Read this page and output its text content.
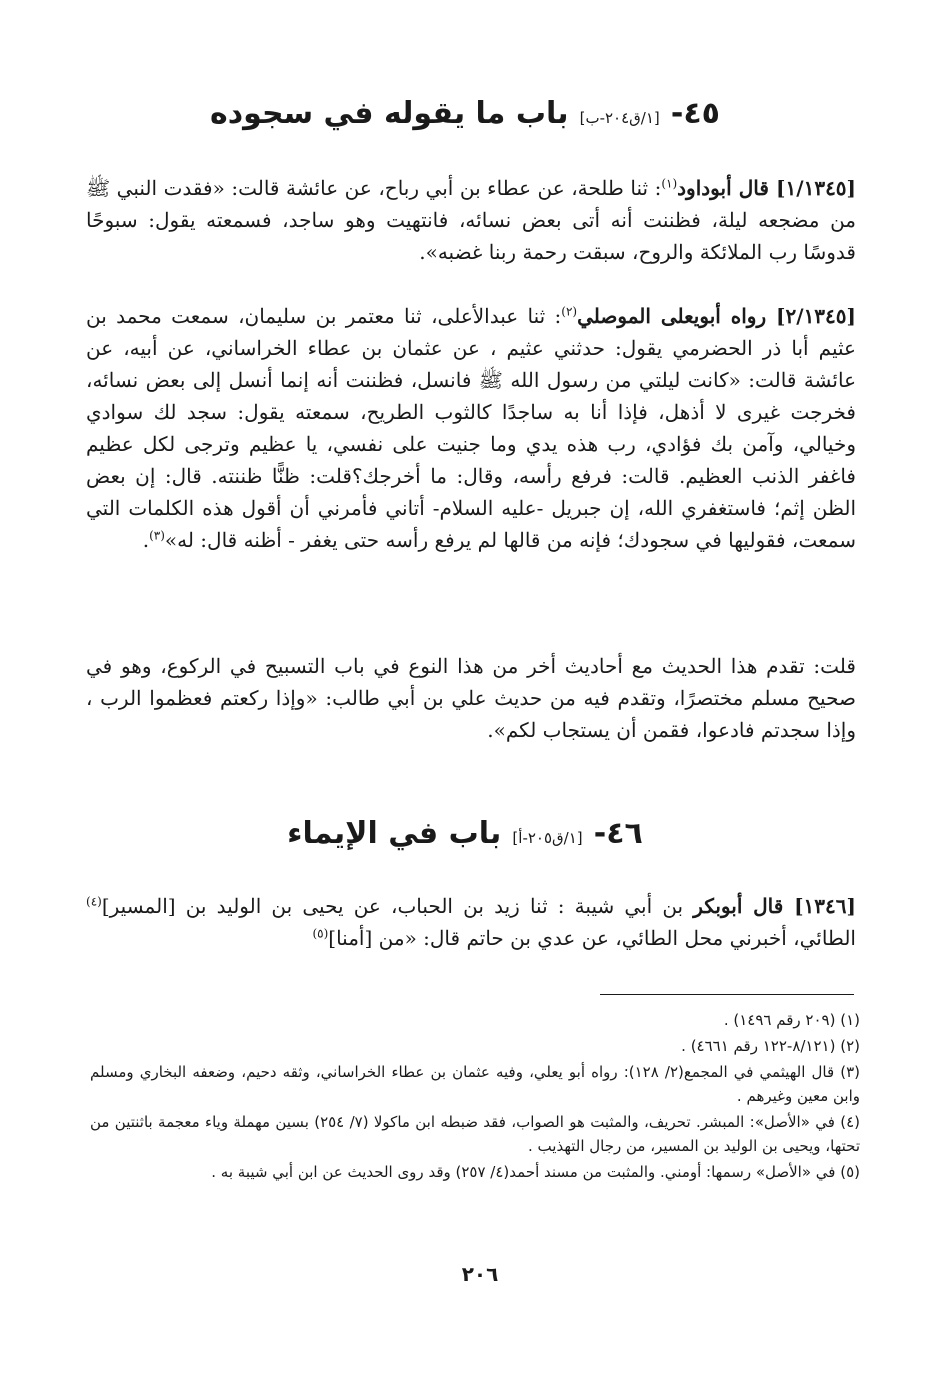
٤٥- [١/ق٢٠٤-ب] باب ما يقوله في سجوده

[١/١٣٤٥] قال أبوداود$^{(١)}$: ثنا طلحة، عن عطاء بن أبي رباح، عن عائشة قالت: «فقدت النبي ﷺ من مضجعه ليلة، فظننت أنه أتى بعض نسائه، فانتهيت وهو ساجد، فسمعته يقول: سبوحًا قدوسًا رب الملائكة والروح، سبقت رحمة ربنا غضبه».

[٢/١٣٤٥] رواه أبويعلى الموصلي$^{(٢)}$: ثنا عبدالأعلى، ثنا معتمر بن سليمان، سمعت محمد بن عثيم أبا ذر الحضرمي يقول: حدثني عثيم ، عن عثمان بن عطاء الخراساني، عن أبيه، عن عائشة قالت: «كانت ليلتي من رسول الله ﷺ فانسل، فظننت أنه إنما أنسل إلى بعض نسائه، فخرجت غيرى لا أذهل، فإذا أنا به ساجدًا كالثوب الطريح، سمعته يقول: سجد لك سوادي وخيالي، وآمن بك فؤادي، رب هذه يدي وما جنيت على نفسي، يا عظيم وترجى لكل عظيم فاغفر الذنب العظيم. قالت: فرفع رأسه، وقال: ما أخرجك؟قلت: ظنًّا ظننته. قال: إن بعض الظن إثم؛ فاستغفري الله، إن جبريل -عليه السلام- أتاني فأمرني أن أقول هذه الكلمات التي سمعت، فقوليها في سجودك؛ فإنه من قالها لم يرفع رأسه حتى يغفر - أظنه قال: له»$^{(٣)}$.

قلت: تقدم هذا الحديث مع أحاديث أخر من هذا النوع في باب التسبيح في الركوع، وهو في صحيح مسلم مختصرًا، وتقدم فيه من حديث علي بن أبي طالب: «وإذا ركعتم فعظموا الرب ، وإذا سجدتم فادعوا، فقمن أن يستجاب لكم».

٤٦- [١/ق٢٠٥-أ] باب في الإيماء

[١٣٤٦] قال أبوبكر بن أبي شيبة : ثنا زيد بن الحباب، عن يحيى بن الوليد بن [المسير]$^{(٤)}$ الطائي، أخبرني محل الطائي، عن عدي بن حاتم قال: «من [أمنا]$^{(٥)}$

(١) (٢٠٩ رقم ١٤٩٦) .
(٢) (٨/١٢١-١٢٢ رقم ٤٦٦١) .
(٣) قال الهيثمي في المجمع(٢/ ١٢٨): رواه أبو يعلي، وفيه عثمان بن عطاء الخراساني، وثقه دحيم، وضعفه البخاري ومسلم وابن معين وغيرهم .
(٤) في «الأصل»: المبشر. تحريف، والمثبت هو الصواب، فقد ضبطه ابن ماكولا (٧/ ٢٥٤) بسين مهملة وياء معجمة باثنتين من تحتها، ويحيى بن الوليد بن المسير، من رجال التهذيب .
(٥) في «الأصل» رسمها: أومني. والمثبت من مسند أحمد(٤/ ٢٥٧) وقد روى الحديث عن ابن أبي شيبة به .
٢٠٦
